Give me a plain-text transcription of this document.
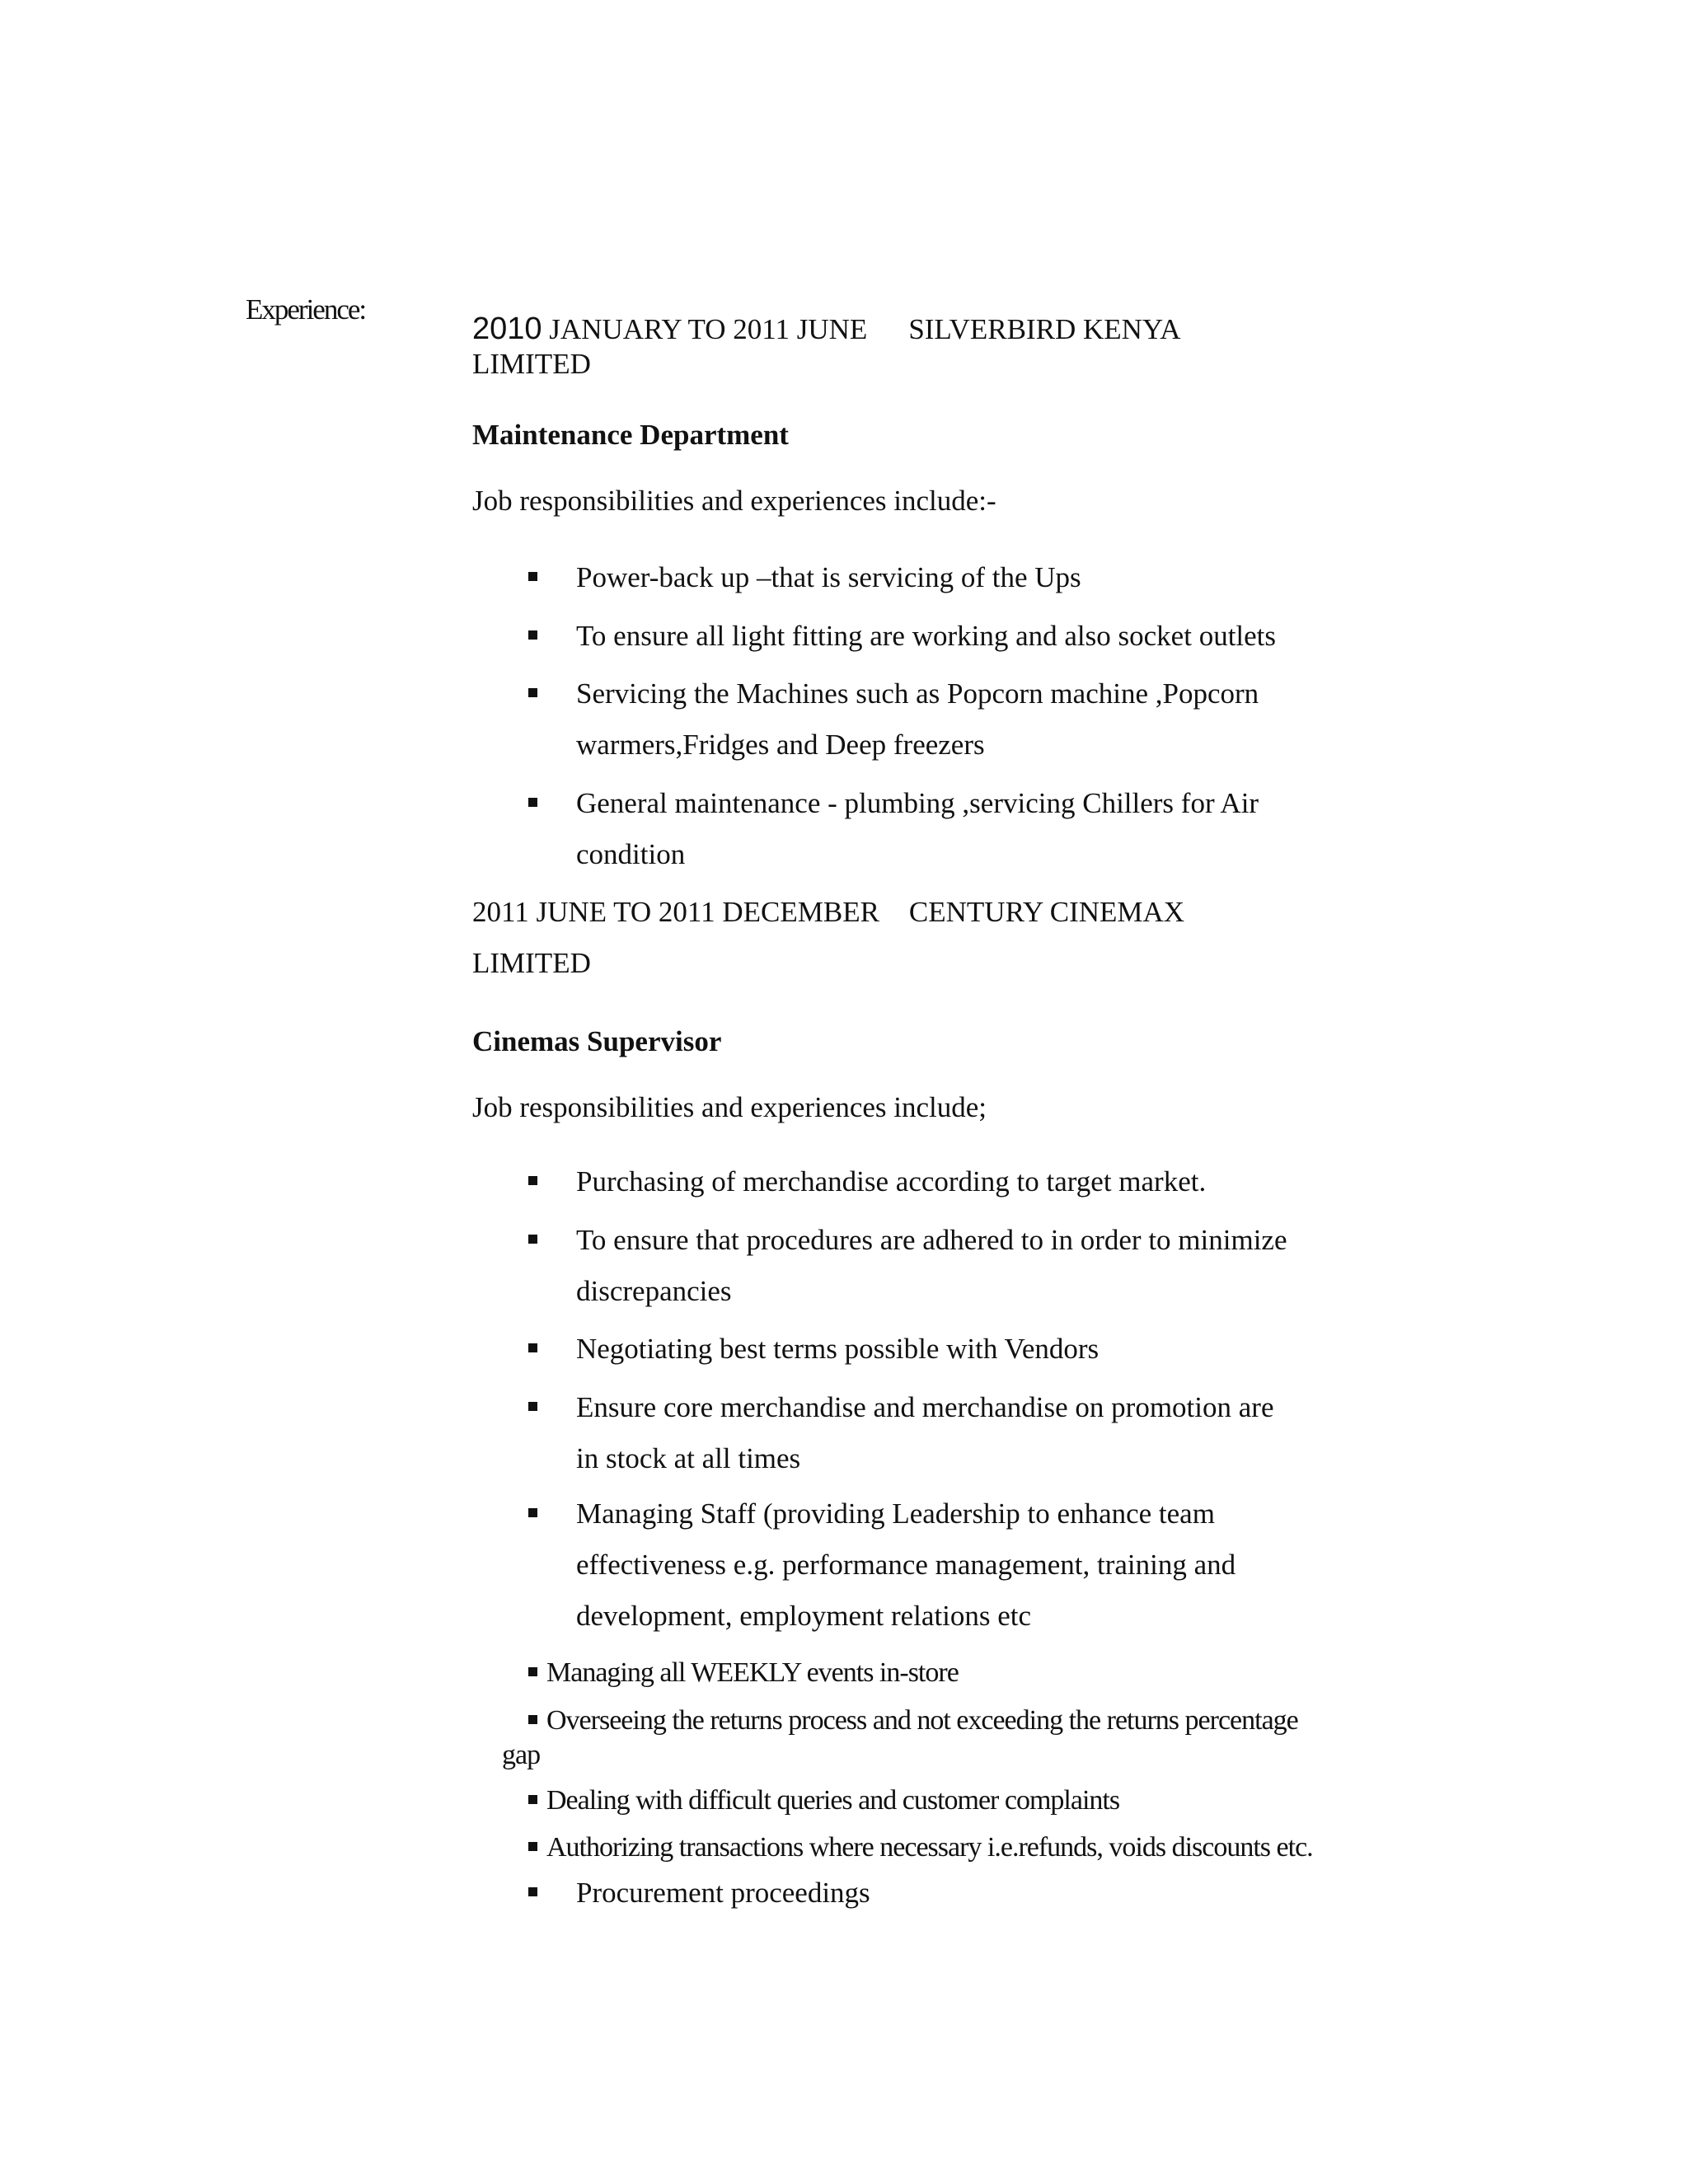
Experience:
2010 JANUARY TO 2011 JUNE SILVERBIRD KENYA
LIMITED
Maintenance Department
Job responsibilities and experiences include:-
Power-back up –that is servicing of the Ups
To ensure all light fitting are working and also socket outlets
Servicing the Machines such as Popcorn machine ,Popcorn warmers,Fridges and Deep freezers
General maintenance - plumbing ,servicing Chillers for Air condition
2011 JUNE TO 2011 DECEMBER CENTURY CINEMAX
LIMITED
Cinemas Supervisor
Job responsibilities and experiences include;
Purchasing of merchandise according to target market.
To ensure that procedures are adhered to in order to minimize discrepancies
Negotiating best terms possible with Vendors
Ensure core merchandise and merchandise on promotion are in stock at all times
Managing Staff (providing Leadership to enhance team effectiveness e.g. performance management, training and development, employment relations etc
Managing all WEEKLY events in-store
Overseeing the returns process and not exceeding the returns percentage
gap
Dealing with difficult queries and customer complaints
Authorizing transactions where necessary i.e.refunds, voids discounts etc.
Procurement proceedings
